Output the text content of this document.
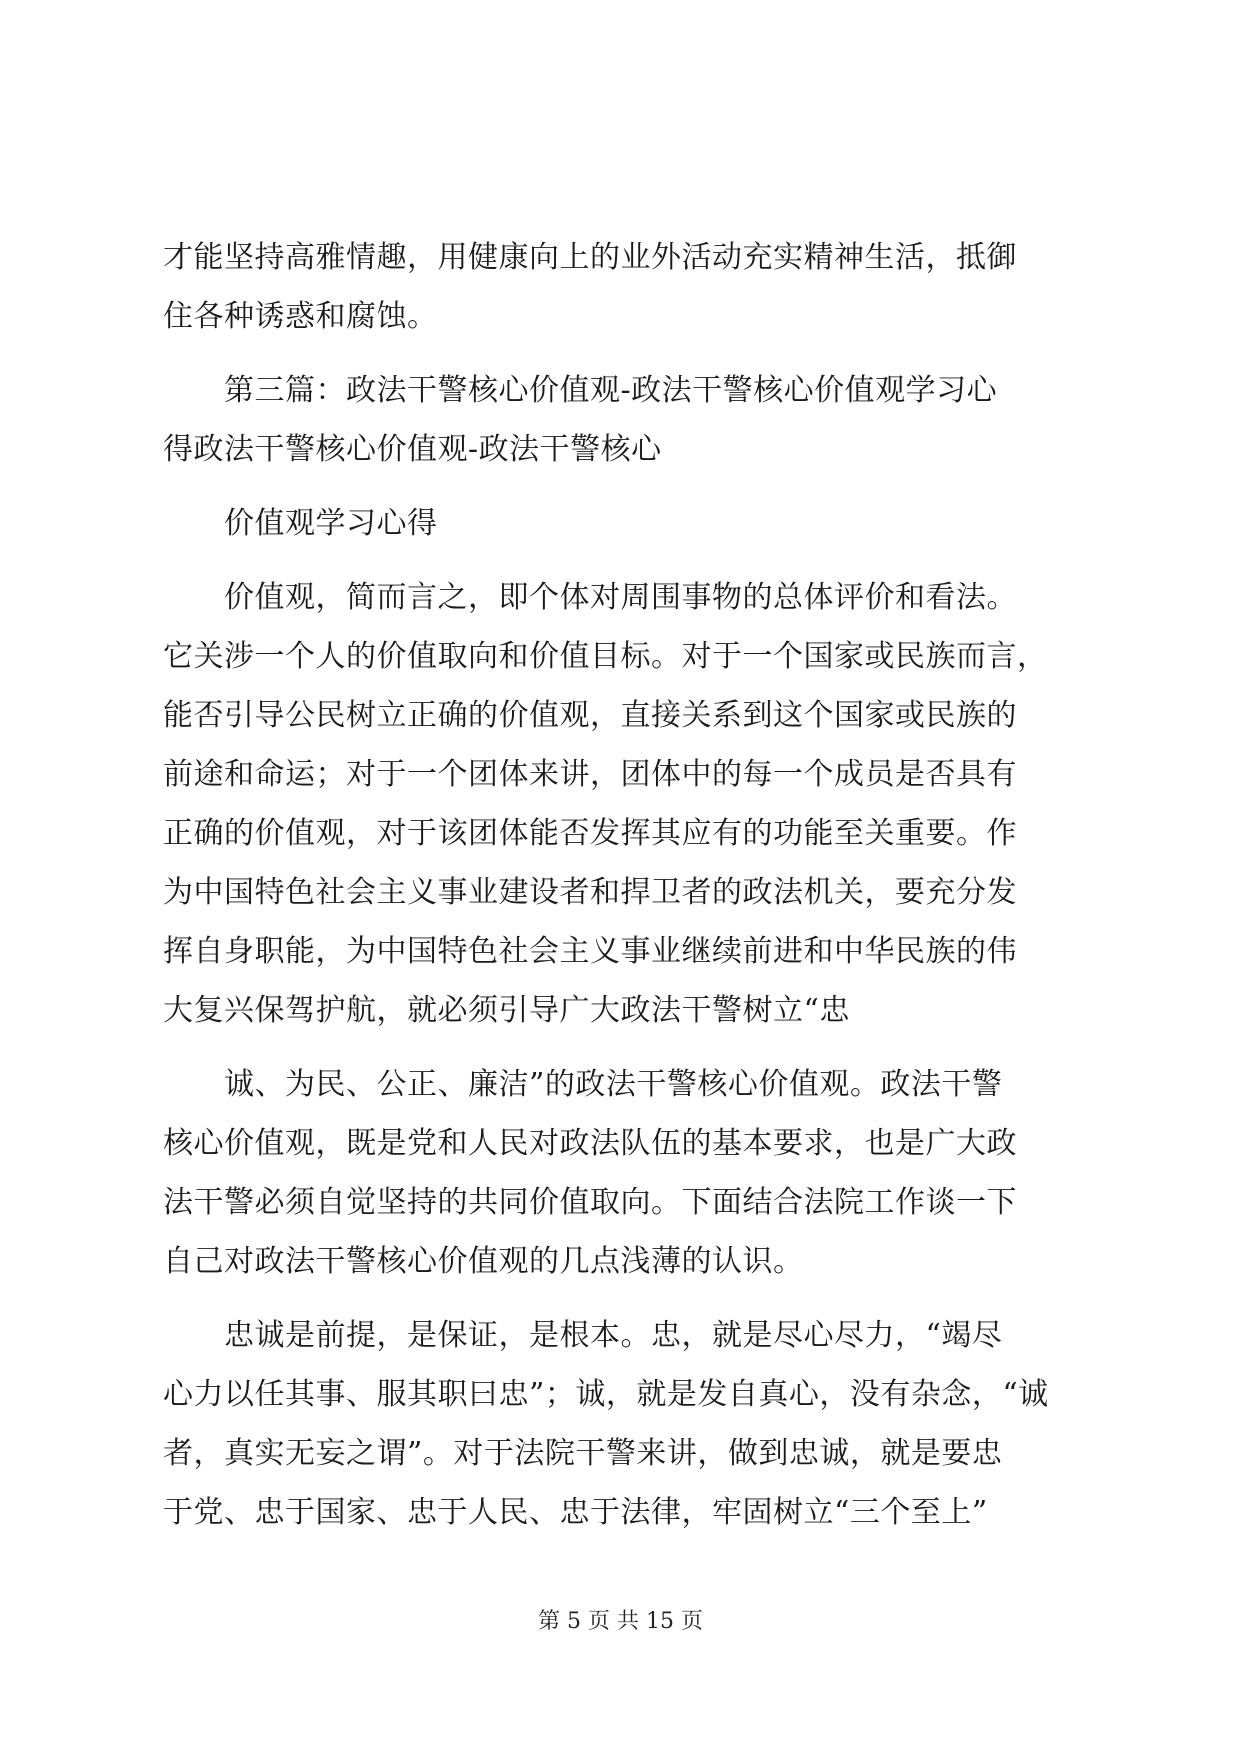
才能坚持高雅情趣，用健康向上的业外活动充实精神生活，抵御
住各种诱惑和腐蚀。
　　第三篇：政法干警核心价值观-政法干警核心价值观学习心
得政法干警核心价值观-政法干警核心
　　价值观学习心得
　　价值观，简而言之，即个体对周围事物的总体评价和看法。
它关涉一个人的价值取向和价值目标。对于一个国家或民族而言，
能否引导公民树立正确的价值观，直接关系到这个国家或民族的
前途和命运；对于一个团体来讲，团体中的每一个成员是否具有
正确的价值观，对于该团体能否发挥其应有的功能至关重要。作
为中国特色社会主义事业建设者和捍卫者的政法机关，要充分发
挥自身职能，为中国特色社会主义事业继续前进和中华民族的伟
大复兴保驾护航，就必须引导广大政法干警树立“忠
　　诚、为民、公正、廉洁”的政法干警核心价值观。政法干警
核心价值观，既是党和人民对政法队伍的基本要求，也是广大政
法干警必须自觉坚持的共同价值取向。下面结合法院工作谈一下
自己对政法干警核心价值观的几点浅薄的认识。
　　忠诚是前提，是保证，是根本。忠，就是尽心尽力，“竭尽
心力以任其事、服其职曰忠”；诚，就是发自真心，没有杂念，“诚
者，真实无妄之谓”。对于法院干警来讲，做到忠诚，就是要忠
于党、忠于国家、忠于人民、忠于法律，牢固树立“三个至上”
第 5 页 共 15 页
